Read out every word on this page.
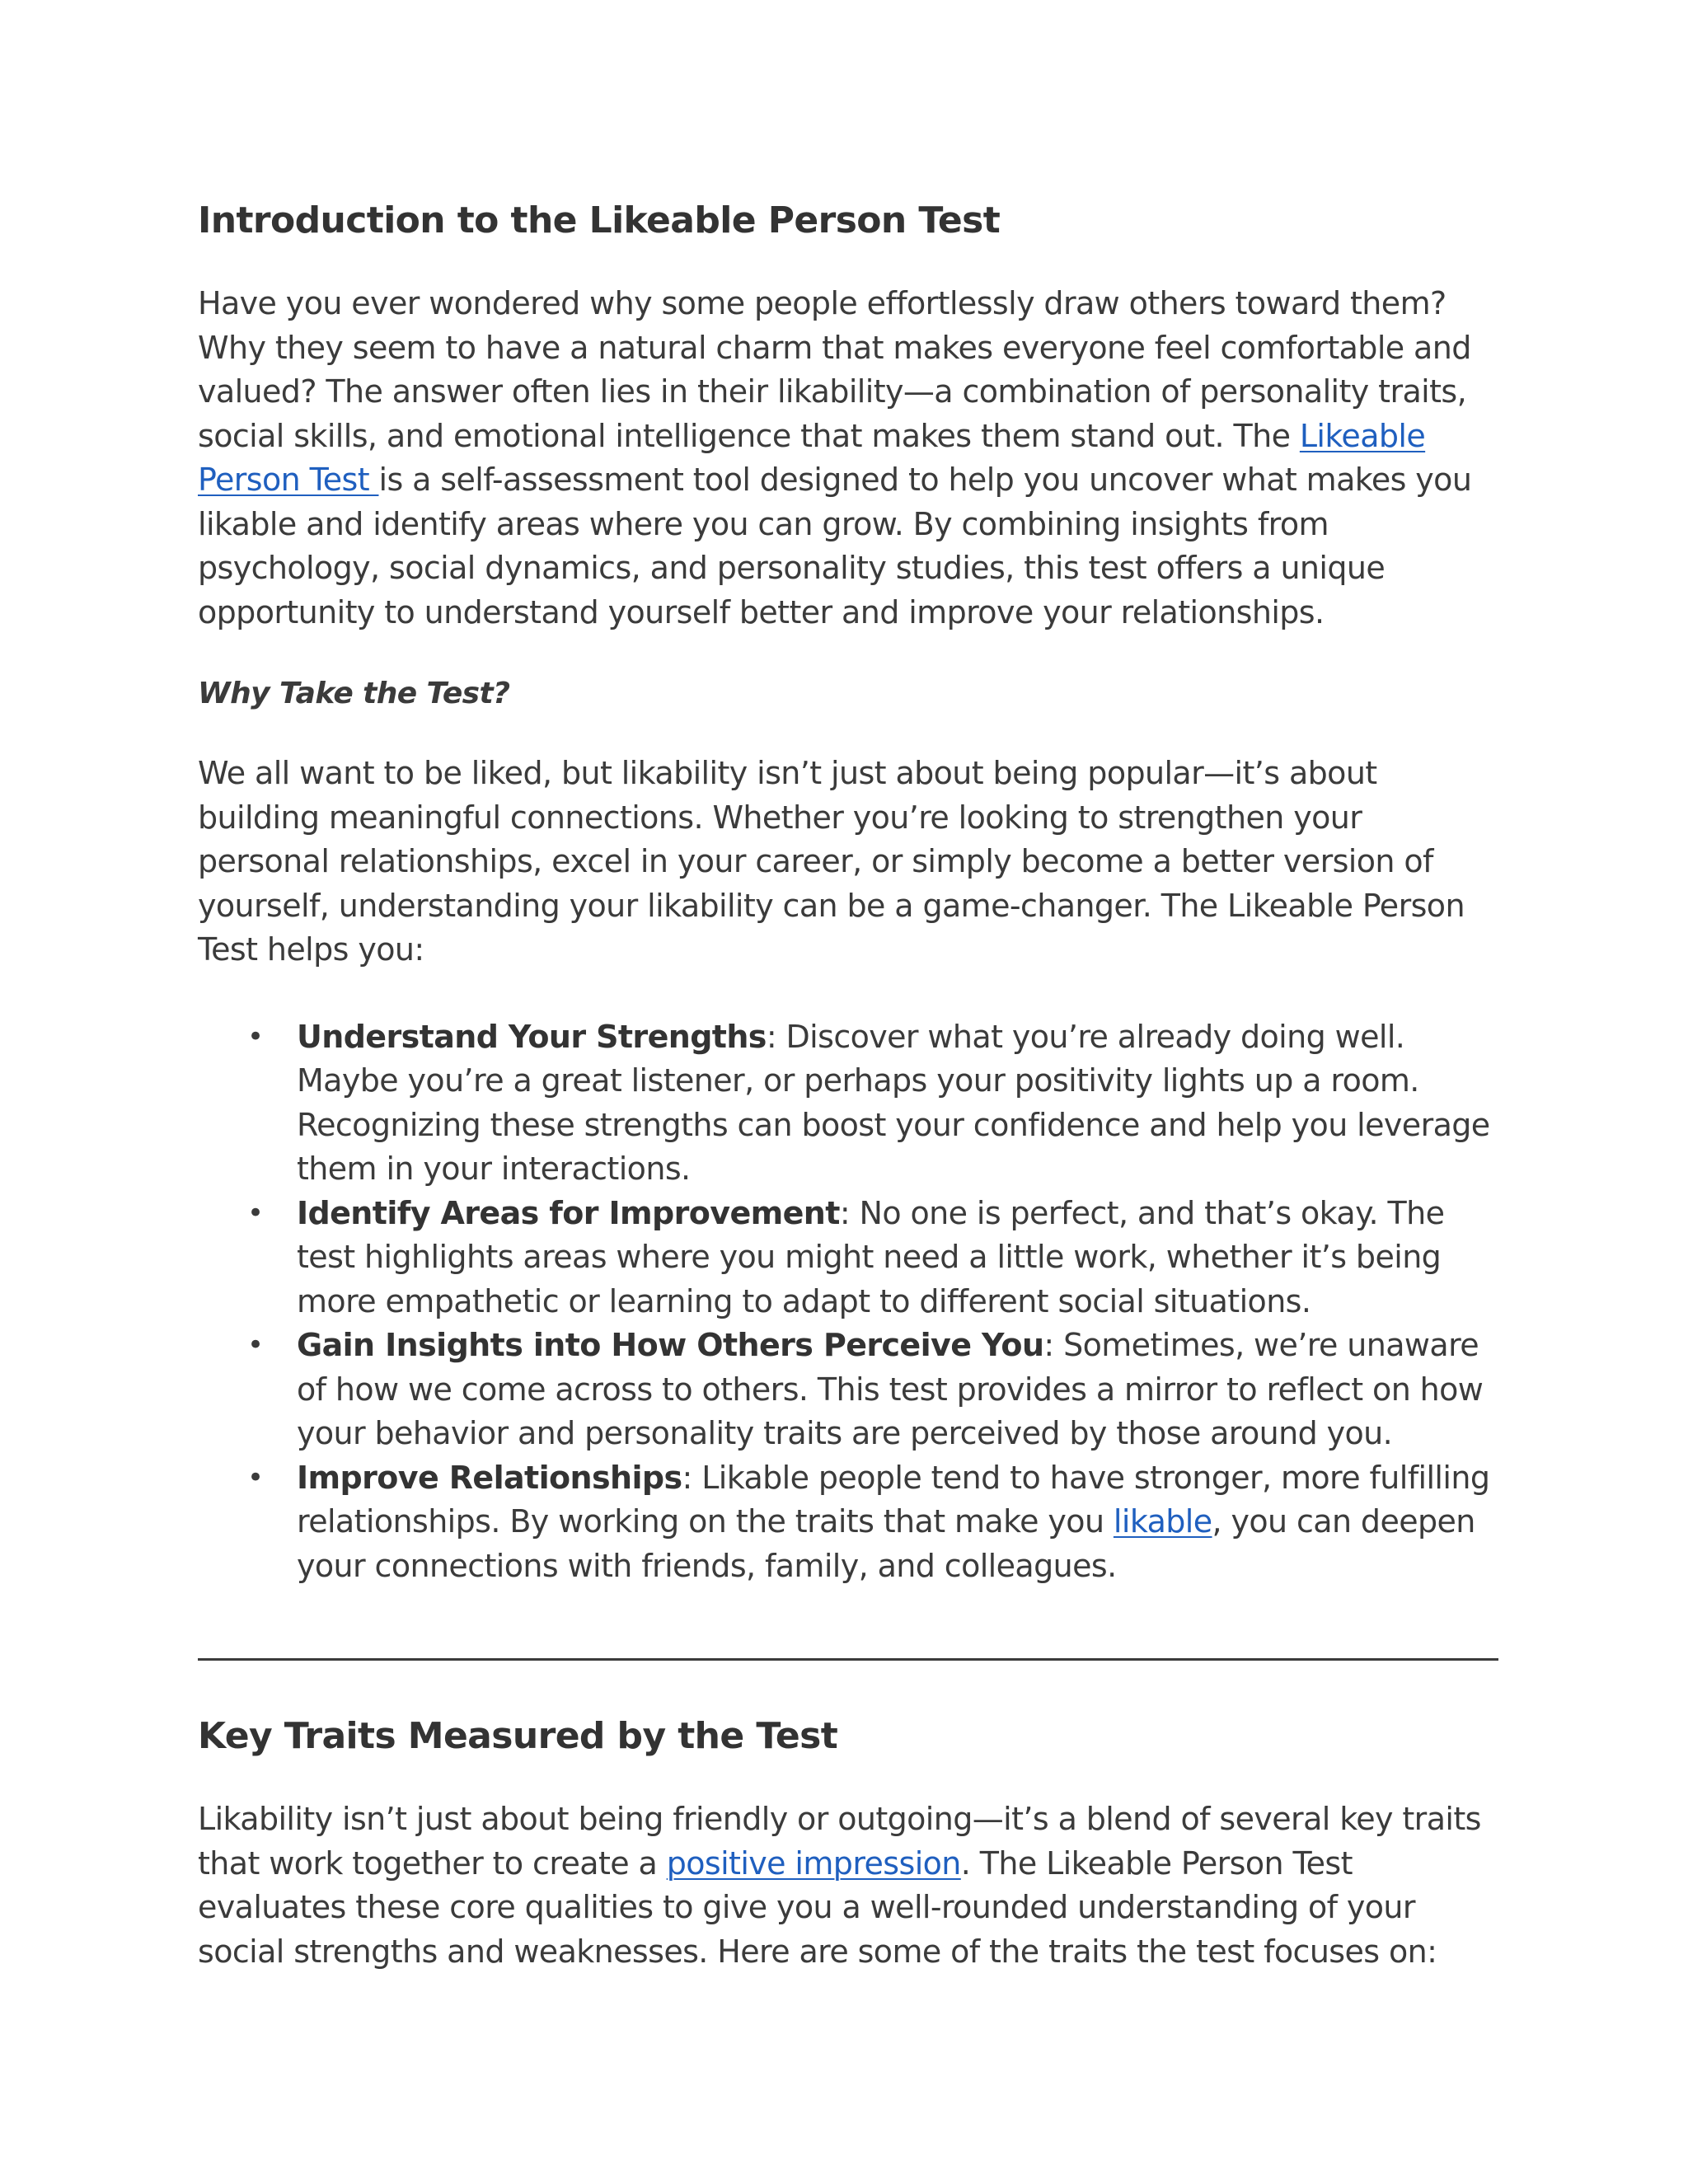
Introduction to the Likeable Person Test

Have you ever wondered why some people effortlessly draw others toward them? Why they seem to have a natural charm that makes everyone feel comfortable and valued? The answer often lies in their likability—a combination of personality traits, social skills, and emotional intelligence that makes them stand out. The Likeable Person Test is a self-assessment tool designed to help you uncover what makes you likable and identify areas where you can grow. By combining insights from psychology, social dynamics, and personality studies, this test offers a unique opportunity to understand yourself better and improve your relationships.

Why Take the Test?

We all want to be liked, but likability isn’t just about being popular—it’s about building meaningful connections. Whether you’re looking to strengthen your personal relationships, excel in your career, or simply become a better version of yourself, understanding your likability can be a game-changer. The Likeable Person Test helps you:

• Understand Your Strengths: Discover what you’re already doing well. Maybe you’re a great listener, or perhaps your positivity lights up a room. Recognizing these strengths can boost your confidence and help you leverage them in your interactions.
• Identify Areas for Improvement: No one is perfect, and that’s okay. The test highlights areas where you might need a little work, whether it’s being more empathetic or learning to adapt to different social situations.
• Gain Insights into How Others Perceive You: Sometimes, we’re unaware of how we come across to others. This test provides a mirror to reflect on how your behavior and personality traits are perceived by those around you.
• Improve Relationships: Likable people tend to have stronger, more fulfilling relationships. By working on the traits that make you likable, you can deepen your connections with friends, family, and colleagues.
Key Traits Measured by the Test

Likability isn’t just about being friendly or outgoing—it’s a blend of several key traits that work together to create a positive impression. The Likeable Person Test evaluates these core qualities to give you a well-rounded understanding of your social strengths and weaknesses. Here are some of the traits the test focuses on:
